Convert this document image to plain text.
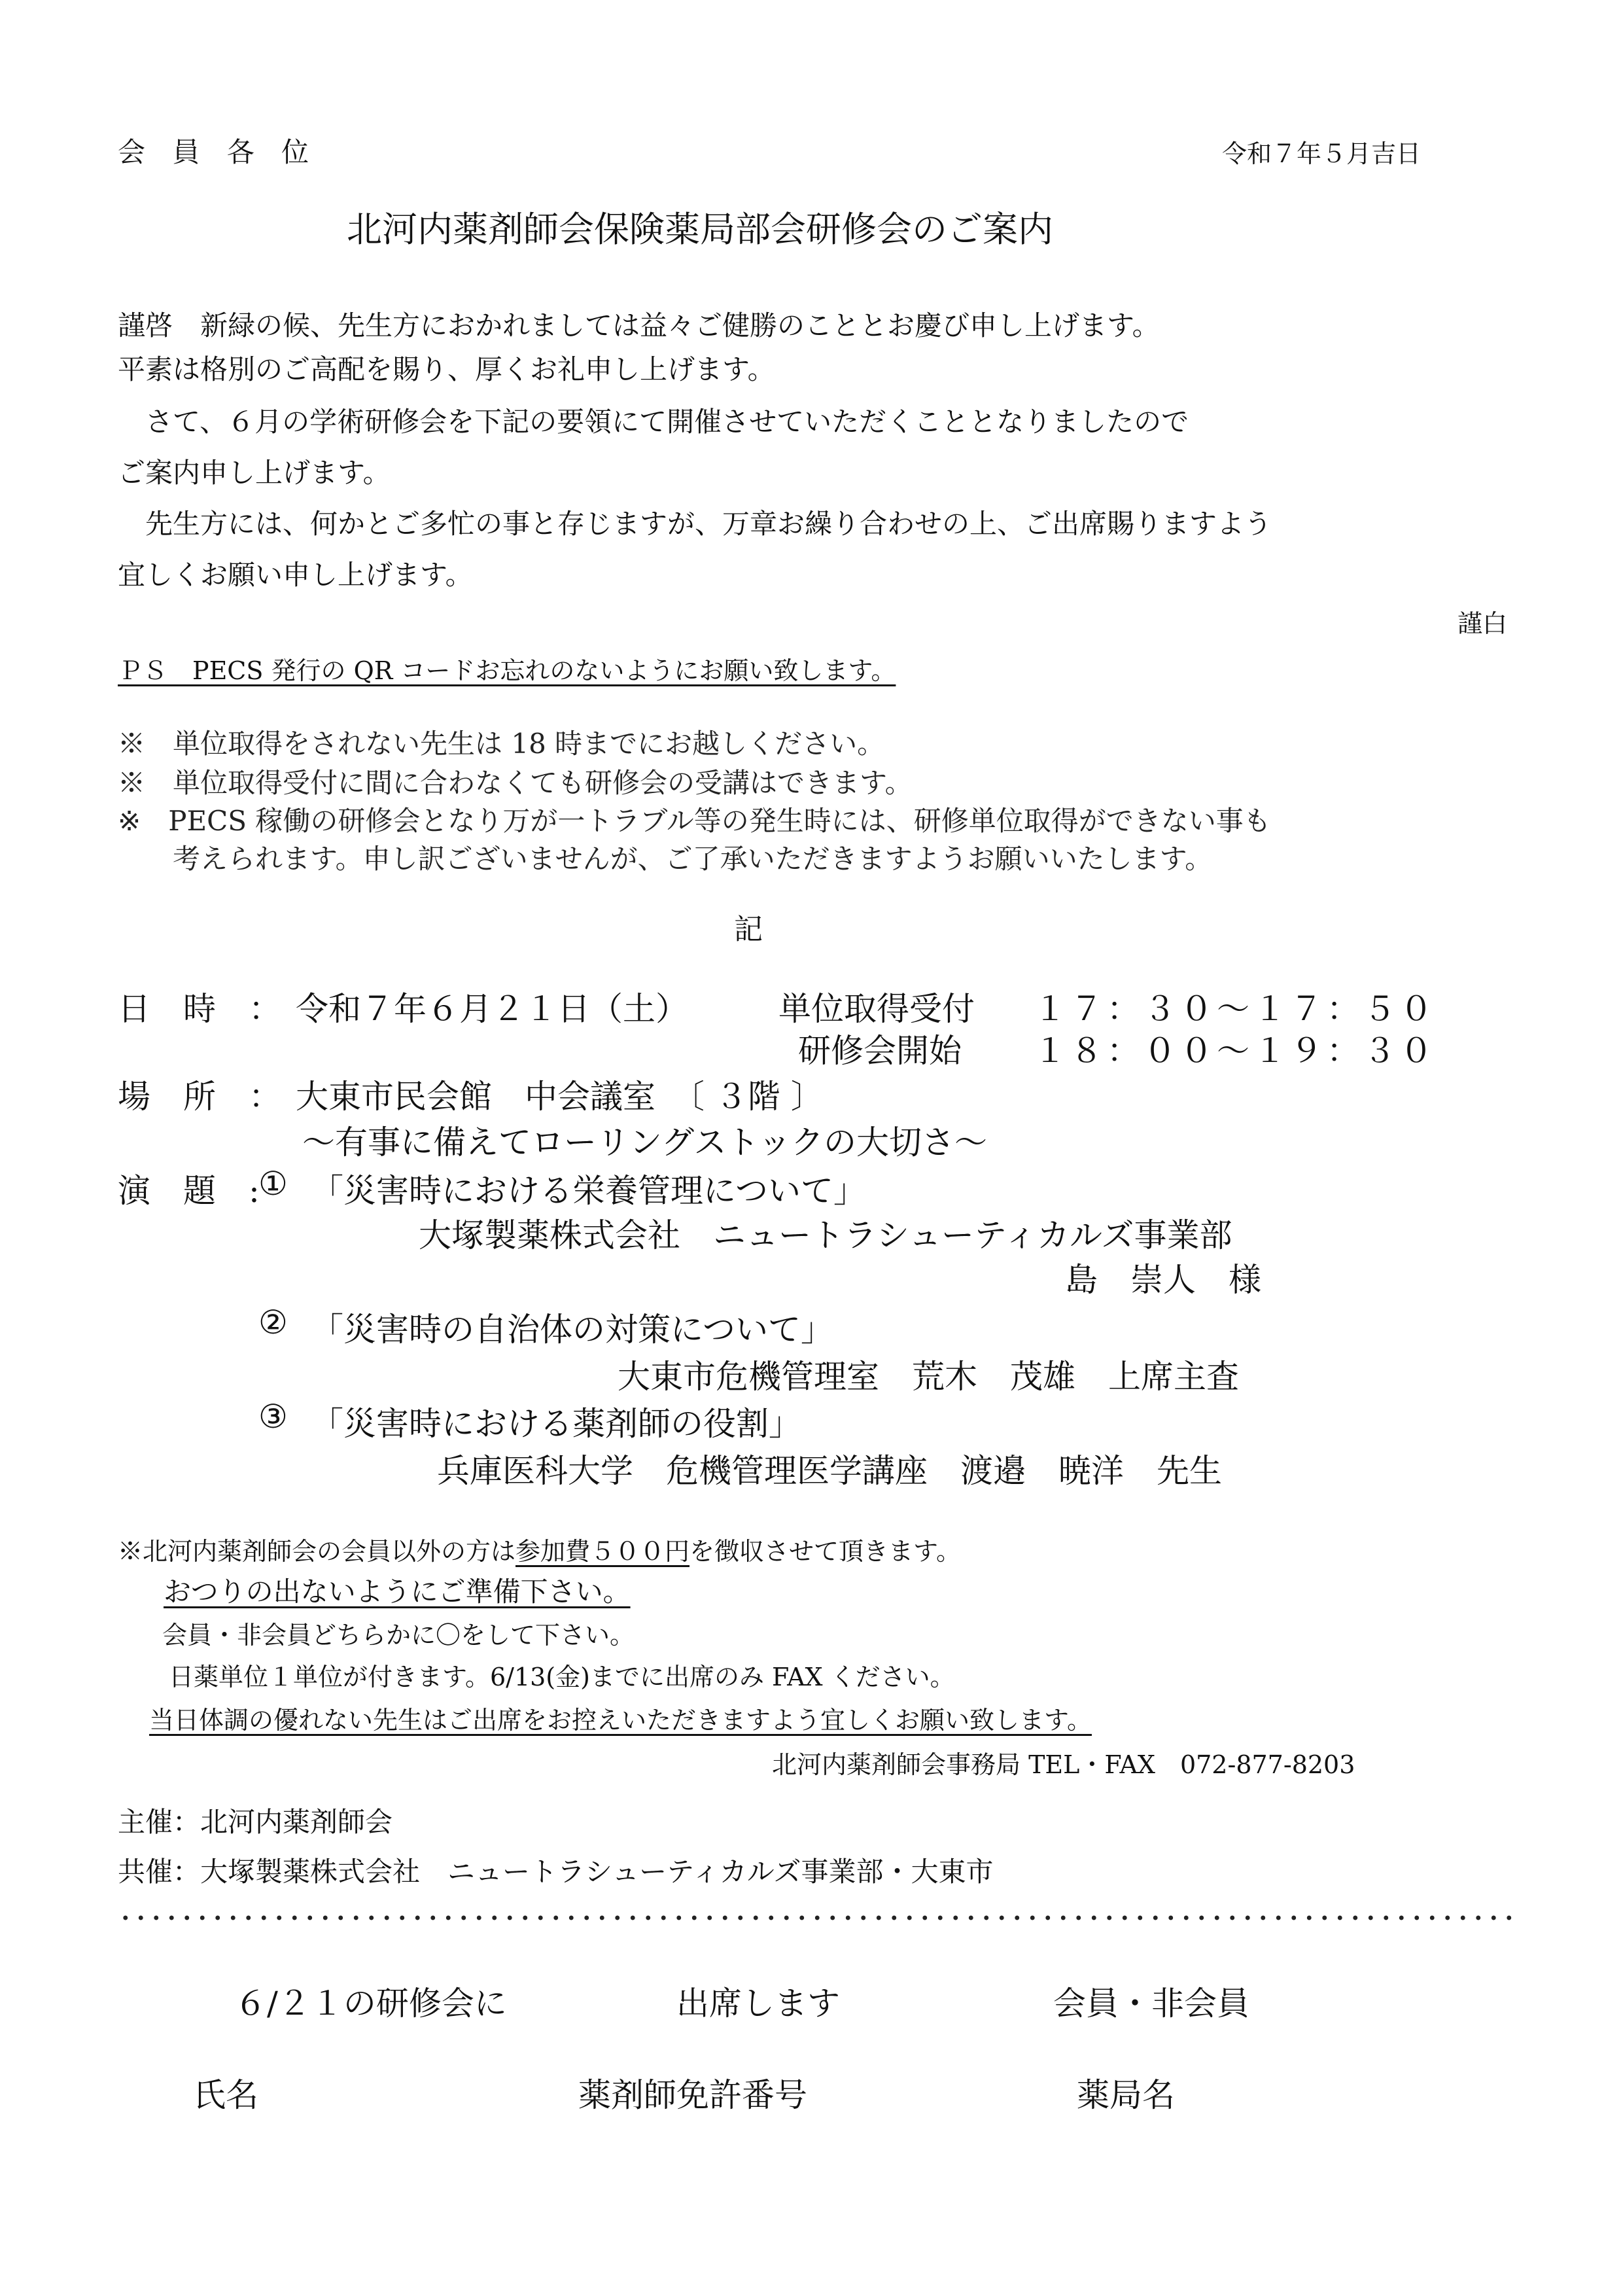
会 員 各 位	令和７年５月吉日
北河内薬剤師会保険薬局部会研修会のご案内
謹啓　新緑の候、先生方におかれましては益々ご健勝のこととお慶び申し上げます。
平素は格別のご高配を賜り、厚くお礼申し上げます。
　さて、６月の学術研修会を下記の要領にて開催させていただくこととなりましたので
ご案内申し上げます。
　先生方には、何かとご多忙の事と存じますが、万章お繰り合わせの上、ご出席賜りますよう
宜しくお願い申し上げます。
謹白
ＰＳ　PECS 発行の QR コードお忘れのないようにお願い致します。
※　単位取得をされない先生は 18 時までにお越しください。
※　単位取得受付に間に合わなくても研修会の受講はできます。
※　PECS 稼働の研修会となり万が一トラブル等の発生時には、研修単位取得ができない事も
　　考えられます。申し訳ございませんが、ご了承いただきますようお願いいたします。
記
日　時　： 令和７年６月２１日（土）	単位取得受付 １７：３０〜１７：５０
研修会開始 １８：００〜１９：３０
場　所　： 大東市民会館　中会議室　〔 ３階 〕
〜有事に備えてローリングストックの大切さ〜
演　題　:
① 「災害時における栄養管理について」
大塚製薬株式会社　ニュートラシューティカルズ事業部
島　崇人　様
② 「災害時の自治体の対策について」
大東市危機管理室　荒木　茂雄　上席主査
③ 「災害時における薬剤師の役割」
兵庫医科大学　危機管理医学講座　渡邉　暁洋　先生
※北河内薬剤師会の会員以外の方は参加費５００円を徴収させて頂きます。
おつりの出ないようにご準備下さい。
会員・非会員どちらかに〇をして下さい。
日薬単位１単位が付きます。6/13(金)までに出席のみ FAX ください。
当日体調の優れない先生はご出席をお控えいただきますよう宜しくお願い致します。
北河内薬剤師会事務局 TEL・FAX　072-877-8203
主催：北河内薬剤師会
共催：大塚製薬株式会社　ニュートラシューティカルズ事業部・大東市
６/２１の研修会に	出席します	会員・非会員
氏名	薬剤師免許番号	薬局名
